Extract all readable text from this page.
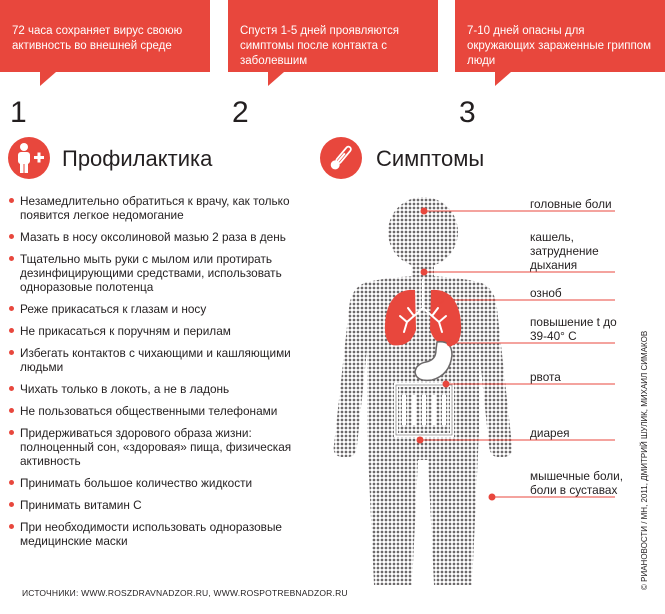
72 часа сохраняет вирус своюю активность во внешней среде
Спустя 1-5 дней проявляются симптомы после контакта с заболевшим
7-10 дней опасны для окружающих зараженные гриппом люди
1	2	3
Профилактика
Незамедлительно обратиться к врачу, как только появится легкое недомогание
Мазать в носу оксолиновой мазью 2 раза в день
Тщательно мыть руки с мылом или протирать дезинфицирующими средствами, использовать одноразовые полотенца
Реже прикасаться к глазам и носу
Не прикасаться к поручням и перилам
Избегать контактов с чихающими и кашляющими людьми
Чихать только в локоть, а не в ладонь
Не пользоваться общественными телефонами
Придерживаться здорового образа жизни: полноценный сон, «здоровая» пища, физическая активность
Принимать большое количество жидкости
Принимать витамин С
При необходимости использовать одноразовые медицинские маски
ИСТОЧНИКИ: WWW.ROSZDRAVNADZOR.RU, WWW.ROSPOTREBNADZOR.RU
Симптомы
головные боли
кашель, затруднение дыхания
озноб
повышение t до 39-40° С
рвота
диарея
мышечные боли, боли в суставах	© РИАНОВОСТИ / МН, 2011, ДМИТРИЙ ШУЛИК, МИХАИЛ СИМАКОВ
